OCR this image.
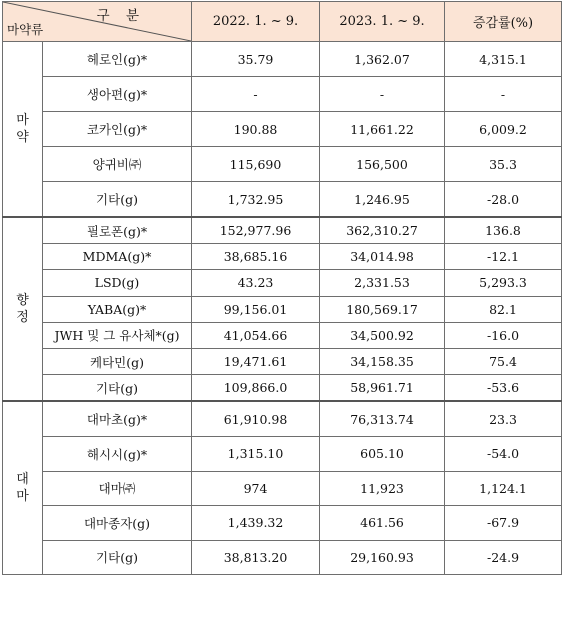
구 분
마약류		2022. 1. ~ 9.	2023. 1. ~ 9.	증감률(%)

마
약	헤로인(g)*	35.79	1,362.07	4,315.1
	생아편(g)*	-	-	-
	코카인(g)*	190.88	11,661.22	6,009.2
	양귀비㈜	115,690	156,500	35.3
	기타(g)	1,732.95	1,246.95	-28.0

향
정	필로폰(g)*	152,977.96	362,310.27	136.8
	MDMA(g)*	38,685.16	34,014.98	-12.1
	LSD(g)	43.23	2,331.53	5,293.3
	YABA(g)*	99,156.01	180,569.17	82.1
	JWH 및 그 유사체*(g)	41,054.66	34,500.92	-16.0
	케타민(g)	19,471.61	34,158.35	75.4
	기타(g)	109,866.0	58,961.71	-53.6

대
마	대마초(g)*	61,910.98	76,313.74	23.3
	해시시(g)*	1,315.10	605.10	-54.0
	대마㈜	974	11,923	1,124.1
	대마종자(g)	1,439.32	461.56	-67.9
	기타(g)	38,813.20	29,160.93	-24.9
